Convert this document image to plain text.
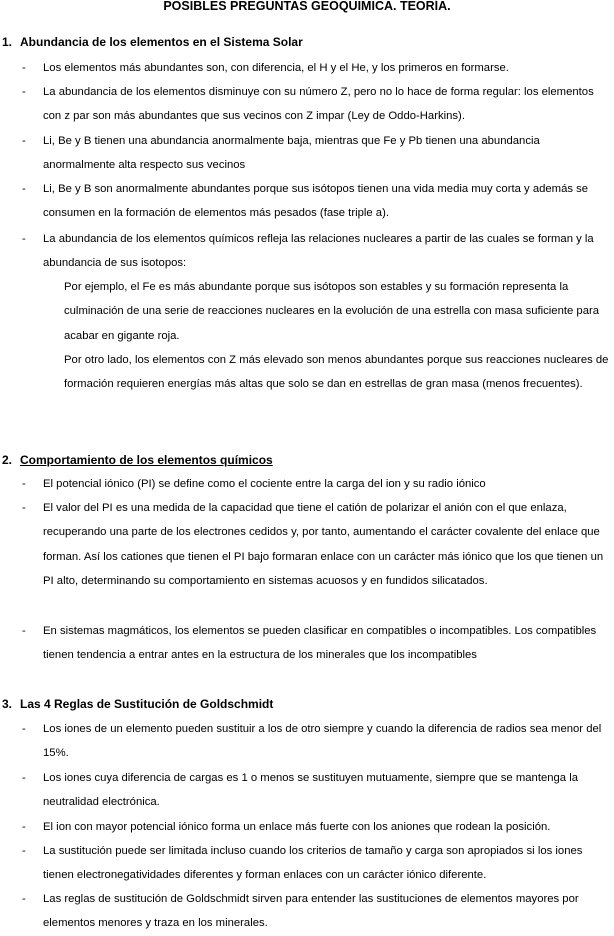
POSIBLES PREGUNTAS GEOQUIMICA. TEORÍA.
1. Abundancia de los elementos en el Sistema Solar
-	Los elementos más abundantes son, con diferencia, el H y el He, y los primeros en formarse.
-	La abundancia de los elementos disminuye con su número Z, pero no lo hace de forma regular: los elementos con z par son más abundantes que sus vecinos con Z impar (Ley de Oddo-Harkins).
-	Li, Be y B tienen una abundancia anormalmente baja, mientras que Fe y Pb tienen una abundancia anormalmente alta respecto sus vecinos
-	Li, Be y B son anormalmente abundantes porque sus isótopos tienen una vida media muy corta y además se consumen en la formación de elementos más pesados (fase triple a).
-	La abundancia de los elementos químicos refleja las relaciones nucleares a partir de las cuales se forman y la abundancia de sus isotopos:
Por ejemplo, el Fe es más abundante porque sus isótopos son estables y su formación representa la culminación de una serie de reacciones nucleares en la evolución de una estrella con masa suficiente para acabar en gigante roja.
Por otro lado, los elementos con Z más elevado son menos abundantes porque sus reacciones nucleares de formación requieren energías más altas que solo se dan en estrellas de gran masa (menos frecuentes).
2. Comportamiento de los elementos químicos
-	El potencial iónico (PI) se define como el cociente entre la carga del ion y su radio iónico
-	El valor del PI es una medida de la capacidad que tiene el catión de polarizar el anión con el que enlaza, recuperando una parte de los electrones cedidos y, por tanto, aumentando el carácter covalente del enlace que forman. Así los cationes que tienen el PI bajo formaran enlace con un carácter más iónico que los que tienen un PI alto, determinando su comportamiento en sistemas acuosos y en fundidos silicatados.
-	En sistemas magmáticos, los elementos se pueden clasificar en compatibles o incompatibles. Los compatibles tienen tendencia a entrar antes en la estructura de los minerales que los incompatibles
3. Las 4 Reglas de Sustitución de Goldschmidt
-	Los iones de un elemento pueden sustituir a los de otro siempre y cuando la diferencia de radios sea menor del 15%.
-	Los iones cuya diferencia de cargas es 1 o menos se sustituyen mutuamente, siempre que se mantenga la neutralidad electrónica.
-	El ion con mayor potencial iónico forma un enlace más fuerte con los aniones que rodean la posición.
-	La sustitución puede ser limitada incluso cuando los criterios de tamaño y carga son apropiados si los iones tienen electronegatividades diferentes y forman enlaces con un carácter iónico diferente.
-	Las reglas de sustitución de Goldschmidt sirven para entender las sustituciones de elementos mayores por elementos menores y traza en los minerales.
